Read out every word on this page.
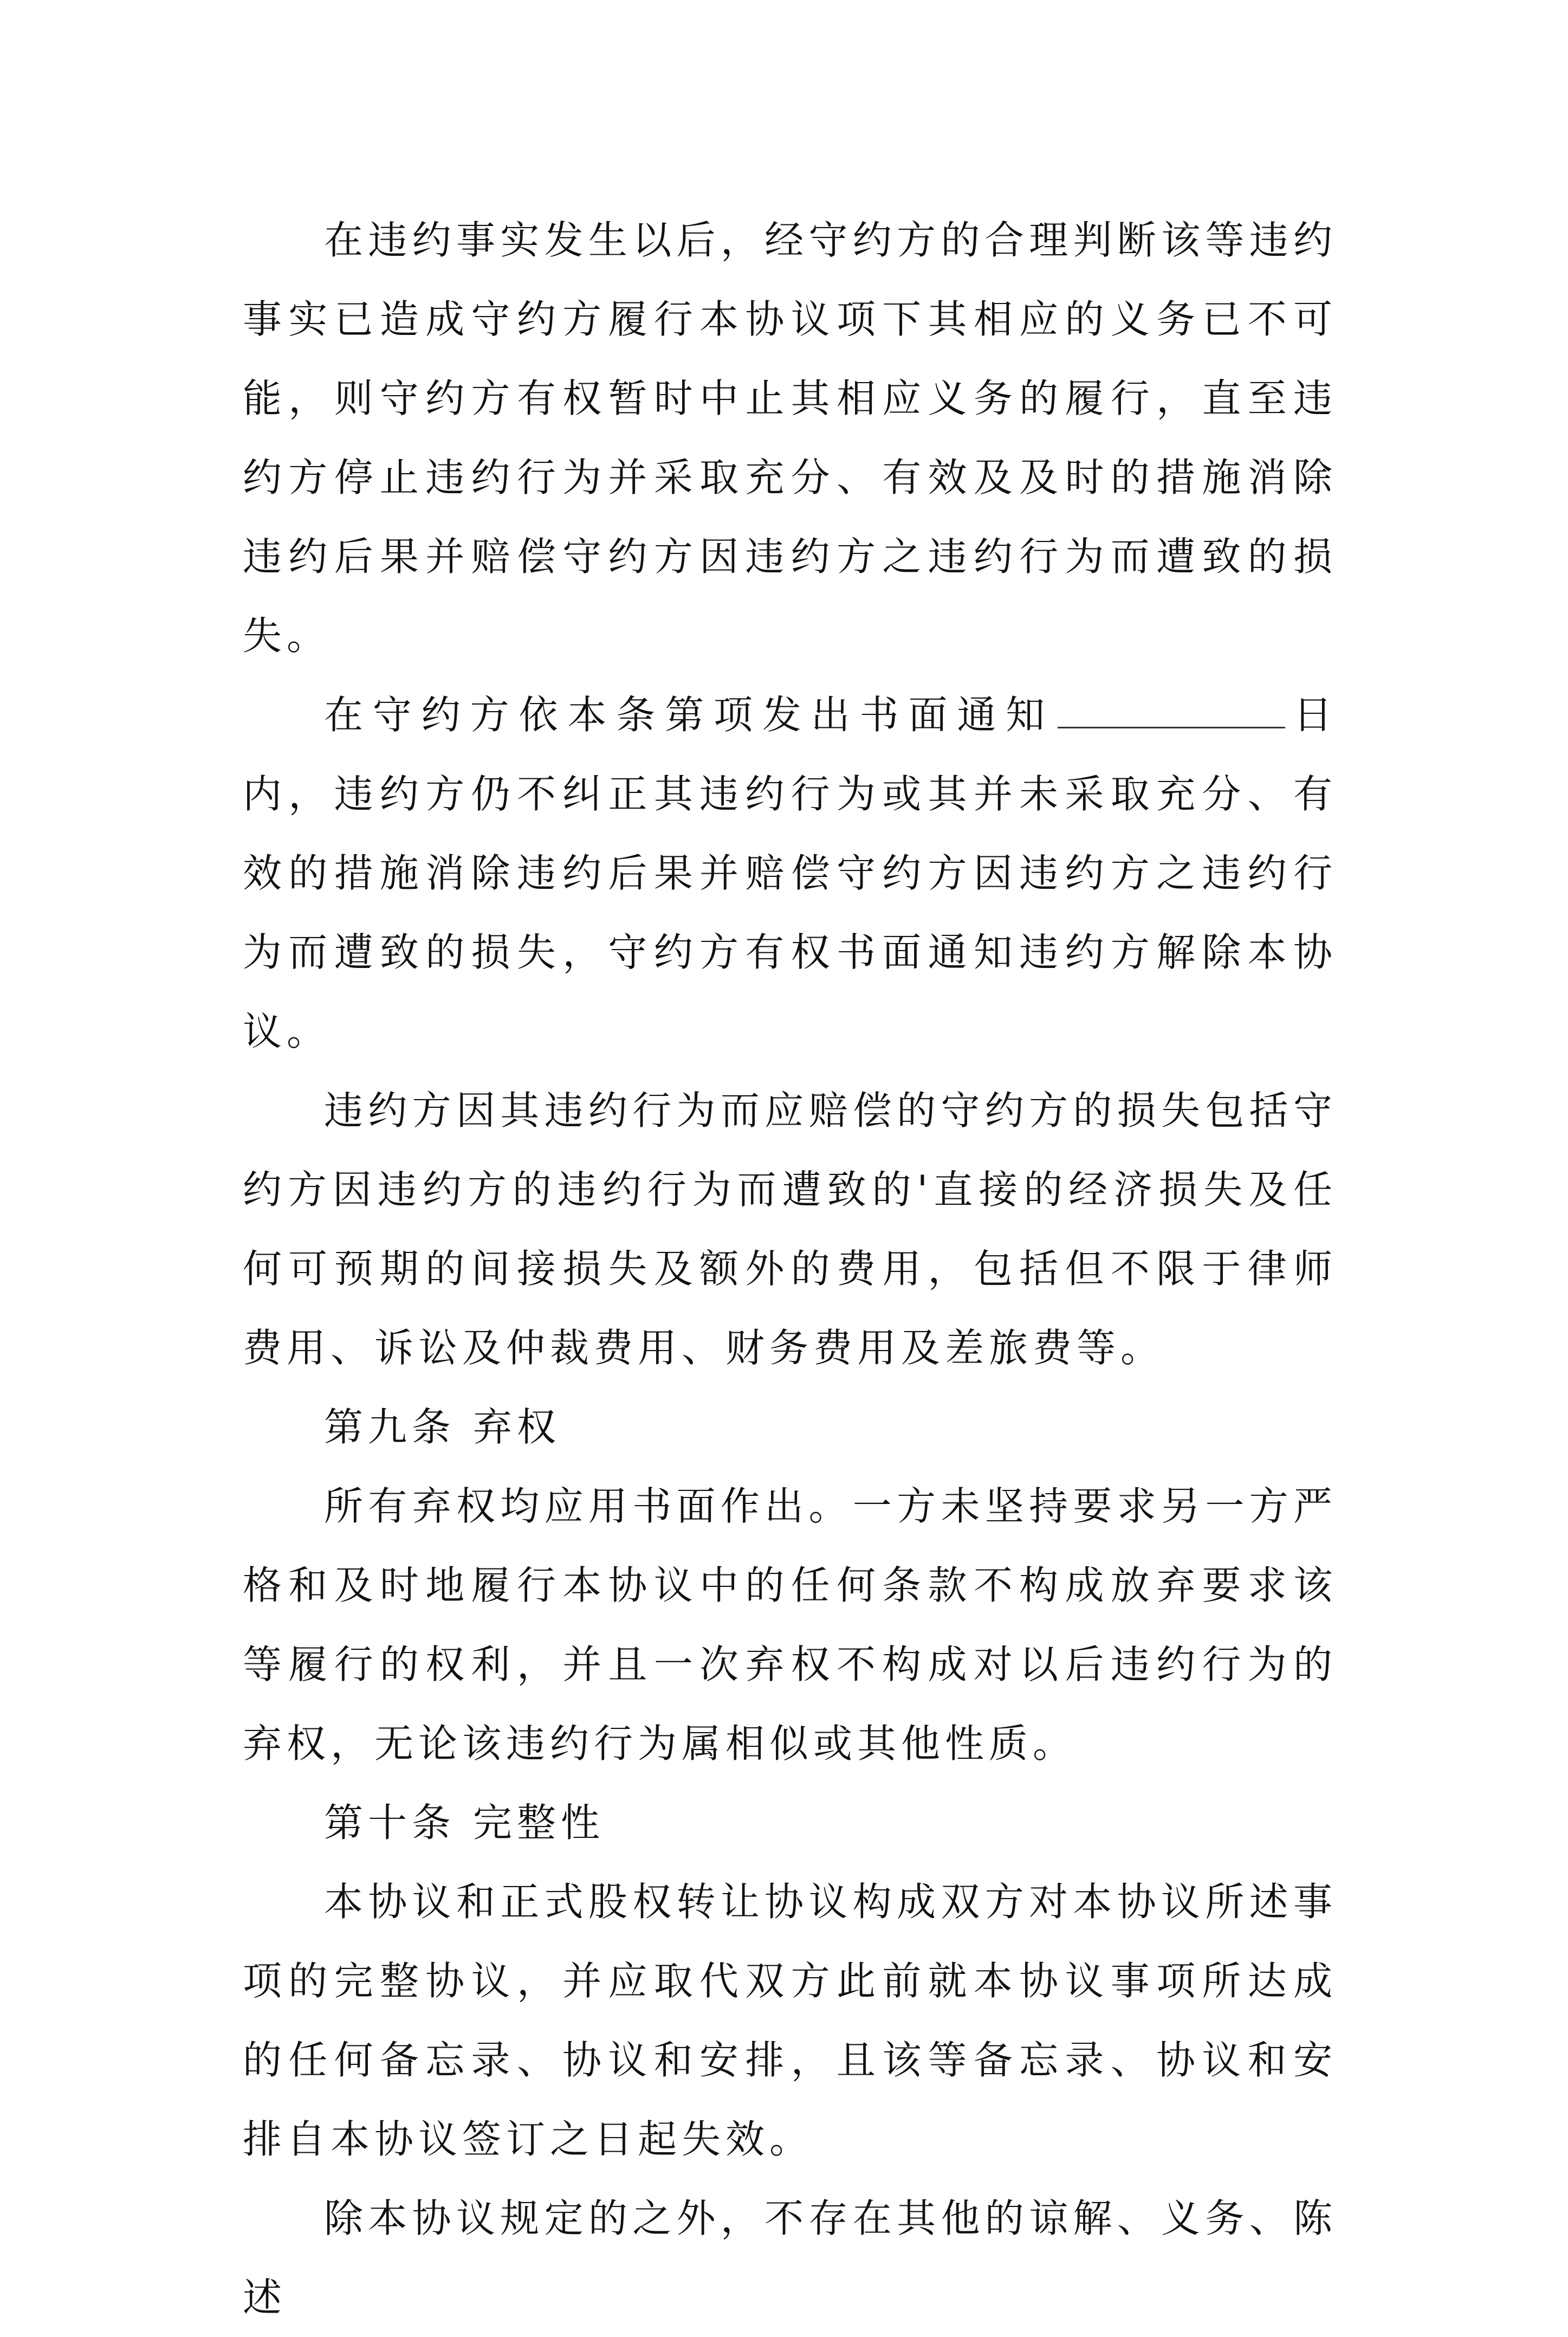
在违约事实发生以后，经守约方的合理判断该等违约事实已造成守约方履行本协议项下其相应的义务已不可能，则守约方有权暂时中止其相应义务的履行，直至违约方停止违约行为并采取充分、有效及及时的措施消除违约后果并赔偿守约方因违约方之违约行为而遭致的损失。

在守约方依本条第项发出书面通知	日内，违约方仍不纠正其违约行为或其并未采取充分、有效的措施消除违约后果并赔偿守约方因违约方之违约行为而遭致的损失，守约方有权书面通知违约方解除本协议。

违约方因其违约行为而应赔偿的守约方的损失包括守约方因违约方的违约行为而遭致的'直接的经济损失及任何可预期的间接损失及额外的费用，包括但不限于律师费用、诉讼及仲裁费用、财务费用及差旅费等。

第九条 弃权

所有弃权均应用书面作出。一方未坚持要求另一方严格和及时地履行本协议中的任何条款不构成放弃要求该等履行的权利，并且一次弃权不构成对以后违约行为的弃权，无论该违约行为属相似或其他性质。

第十条 完整性

本协议和正式股权转让协议构成双方对本协议所述事项的完整协议，并应取代双方此前就本协议事项所达成的任何备忘录、协议和安排，且该等备忘录、协议和安排自本协议签订之日起失效。

除本协议规定的之外，不存在其他的谅解、义务、陈述
